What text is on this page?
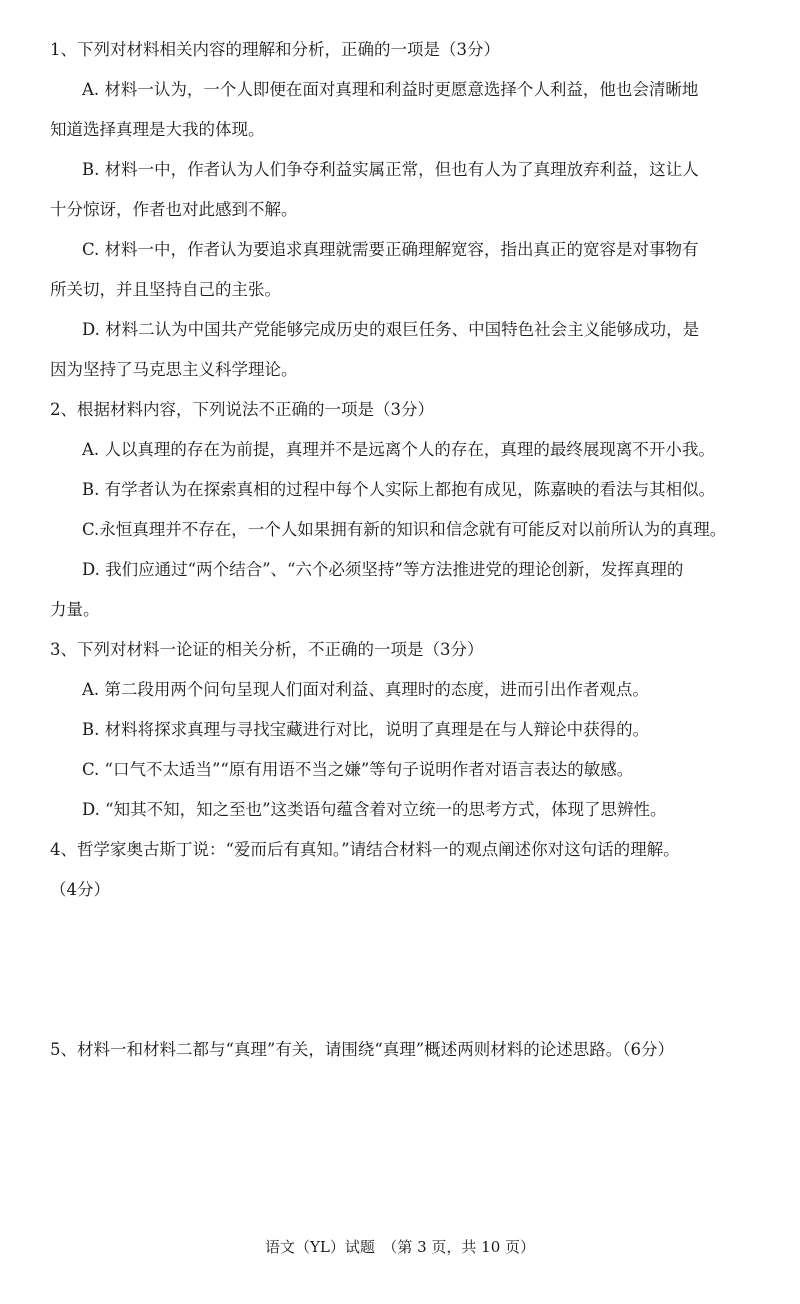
1、下列对材料相关内容的理解和分析，正确的一项是（3分）
A. 材料一认为，一个人即便在面对真理和利益时更愿意选择个人利益，他也会清晰地
知道选择真理是大我的体现。
B. 材料一中，作者认为人们争夺利益实属正常，但也有人为了真理放弃利益，这让人
十分惊讶，作者也对此感到不解。
C. 材料一中，作者认为要追求真理就需要正确理解宽容，指出真正的宽容是对事物有
所关切，并且坚持自己的主张。
D. 材料二认为中国共产党能够完成历史的艰巨任务、中国特色社会主义能够成功，是
因为坚持了马克思主义科学理论。
2、根据材料内容，下列说法不正确的一项是（3分）
A. 人以真理的存在为前提，真理并不是远离个人的存在，真理的最终展现离不开小我。
B. 有学者认为在探索真相的过程中每个人实际上都抱有成见，陈嘉映的看法与其相似。
C.永恒真理并不存在，一个人如果拥有新的知识和信念就有可能反对以前所认为的真理。
D. 我们应通过“两个结合”、“六个必须坚持”等方法推进党的理论创新，发挥真理的
力量。
3、下列对材料一论证的相关分析，不正确的一项是（3分）
A. 第二段用两个问句呈现人们面对利益、真理时的态度，进而引出作者观点。
B. 材料将探求真理与寻找宝藏进行对比，说明了真理是在与人辩论中获得的。
C. “口气不太适当”“原有用语不当之嫌”等句子说明作者对语言表达的敏感。
D. “知其不知，知之至也”这类语句蕴含着对立统一的思考方式，体现了思辨性。
4、哲学家奥古斯丁说：“爱而后有真知。”请结合材料一的观点阐述你对这句话的理解。
（4分）
5、材料一和材料二都与“真理”有关，请围绕“真理”概述两则材料的论述思路。（6分）
语文（YL）试题　（第 3 页，共 10 页）
